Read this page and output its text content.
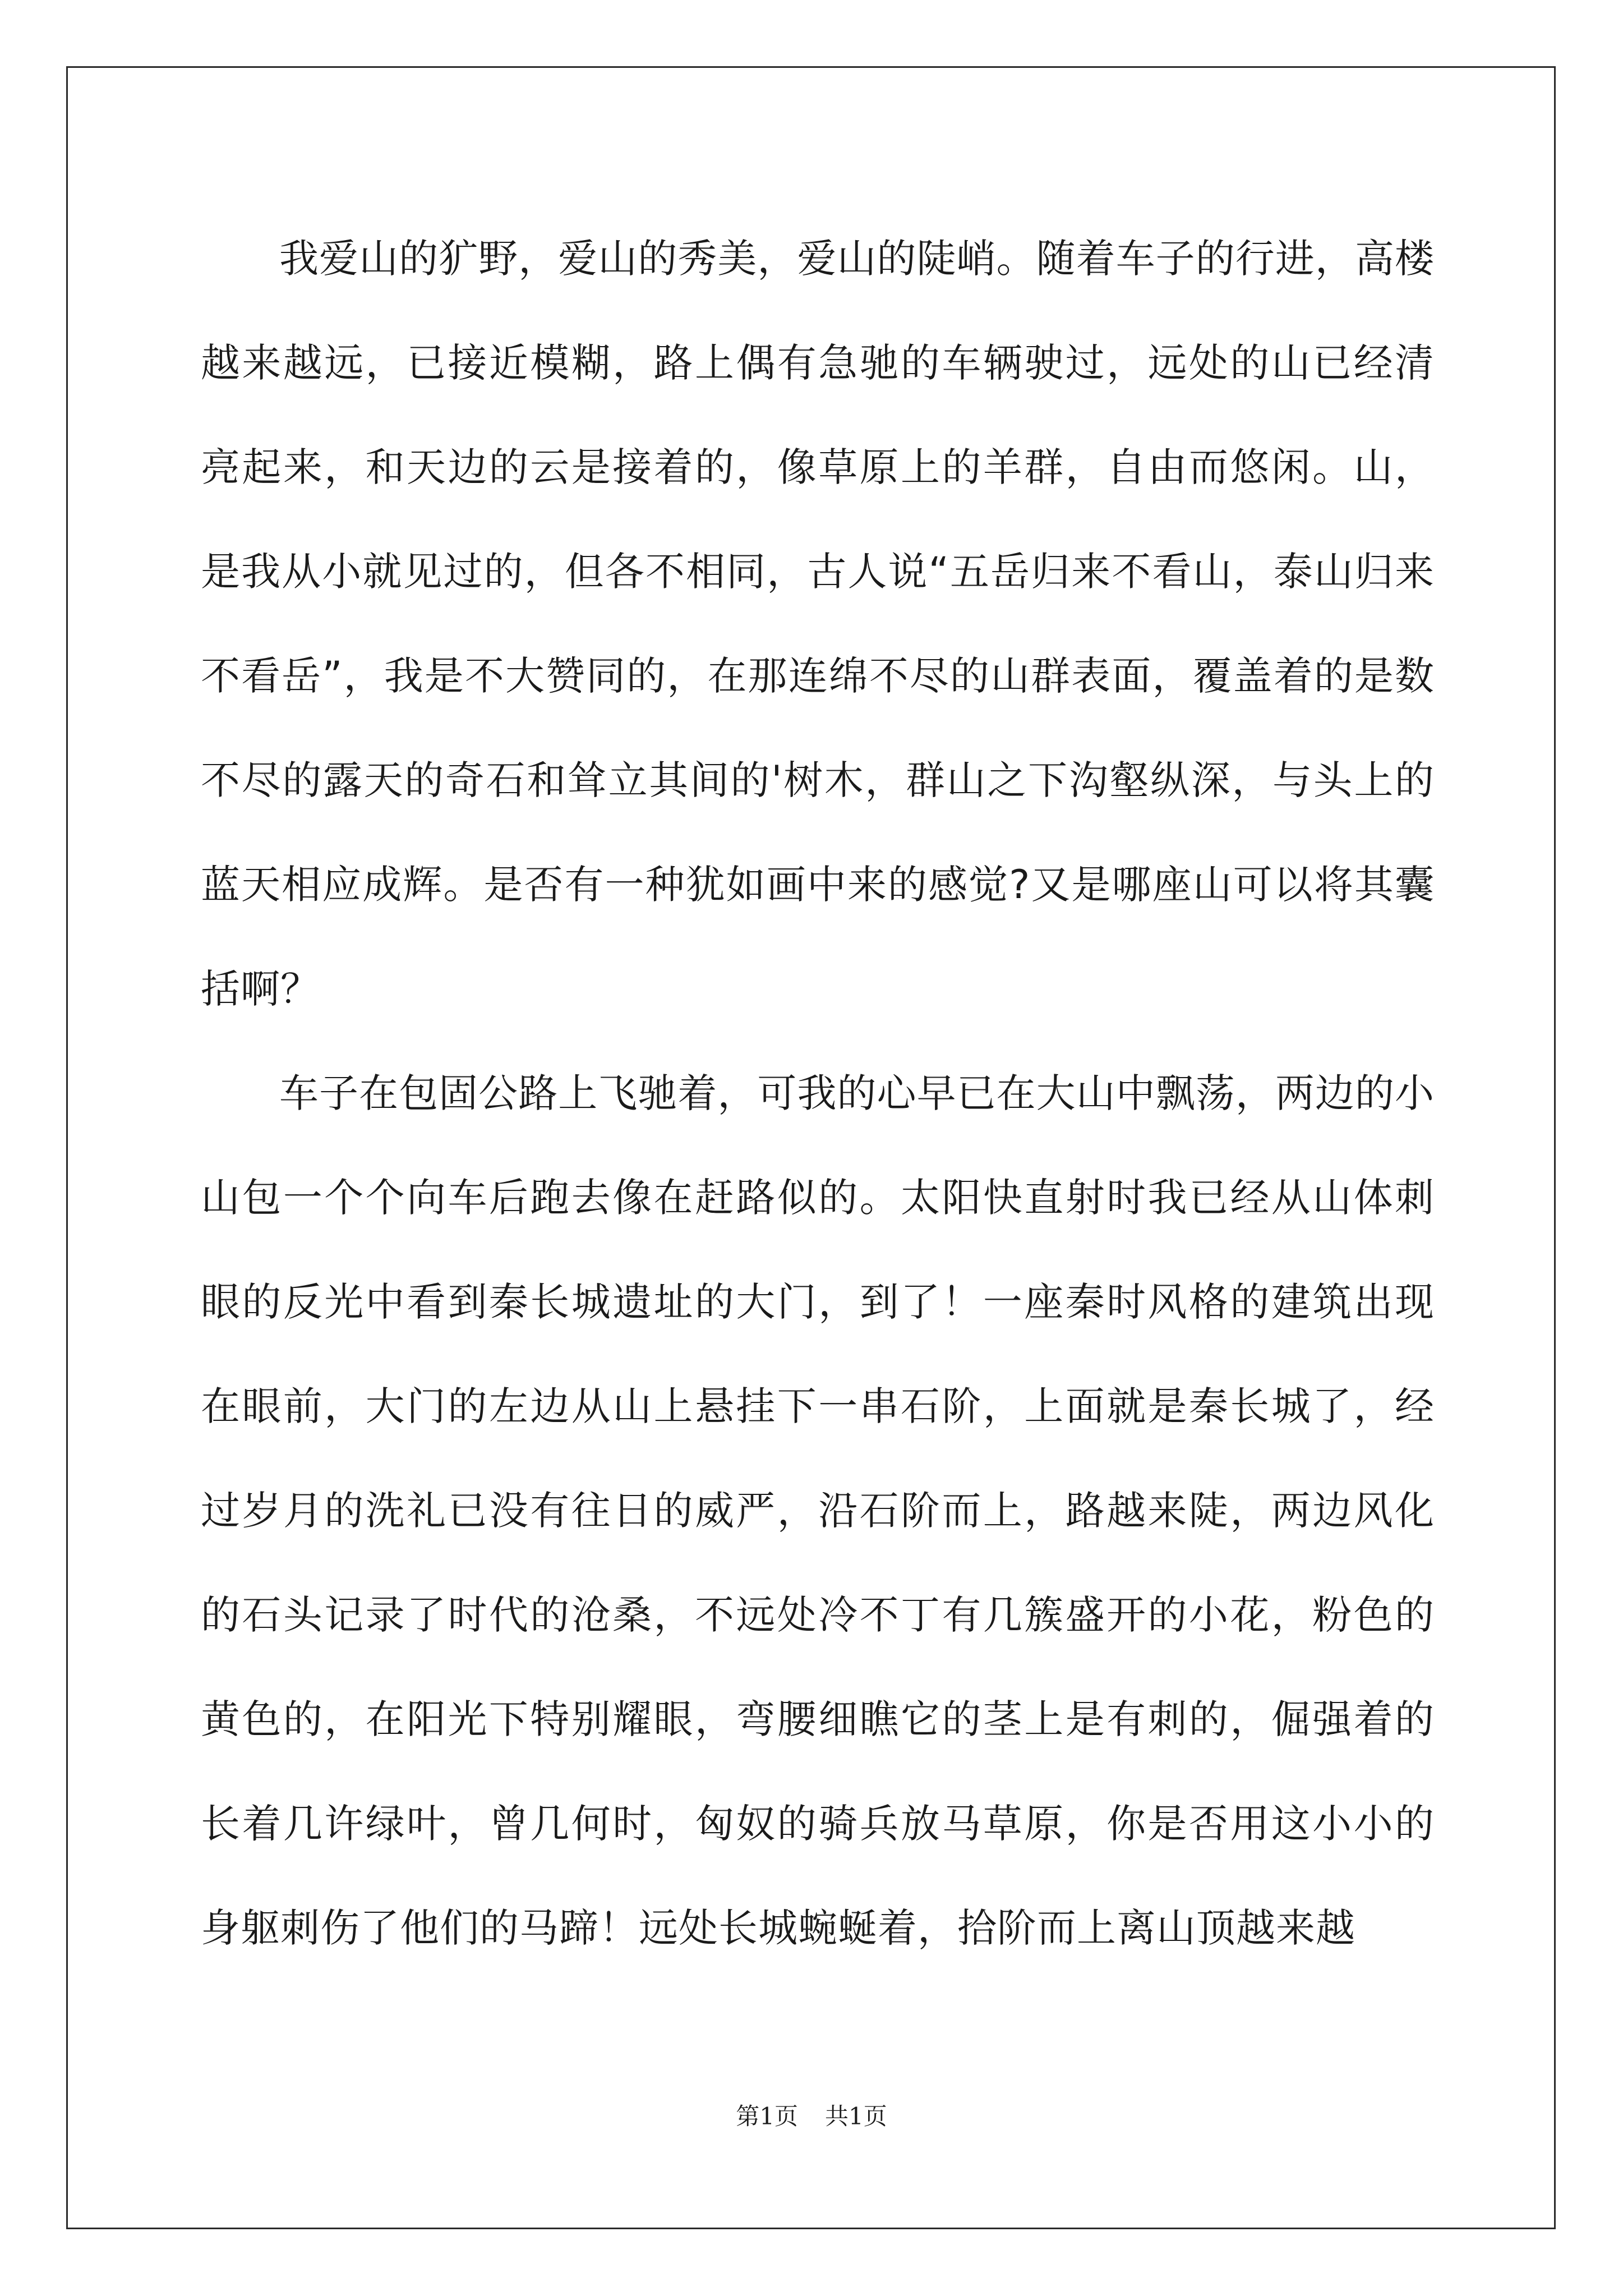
我爱山的犷野，爱山的秀美，爱山的陡峭。随着车子的行进，高楼越来越远，已接近模糊，路上偶有急驰的车辆驶过，远处的山已经清亮起来，和天边的云是接着的，像草原上的羊群，自由而悠闲。山，是我从小就见过的，但各不相同，古人说“五岳归来不看山，泰山归来不看岳”，我是不大赞同的，在那连绵不尽的山群表面，覆盖着的是数不尽的露天的奇石和耸立其间的'树木，群山之下沟壑纵深，与头上的蓝天相应成辉。是否有一种犹如画中来的感觉?又是哪座山可以将其囊括啊？

车子在包固公路上飞驰着，可我的心早已在大山中飘荡，两边的小山包一个个向车后跑去像在赶路似的。太阳快直射时我已经从山体刺眼的反光中看到秦长城遗址的大门，到了！一座秦时风格的建筑出现在眼前，大门的左边从山上悬挂下一串石阶，上面就是秦长城了，经过岁月的洗礼已没有往日的威严，沿石阶而上，路越来陡，两边风化的石头记录了时代的沧桑，不远处冷不丁有几簇盛开的小花，粉色的黄色的，在阳光下特别耀眼，弯腰细瞧它的茎上是有刺的，倔强着的长着几许绿叶，曾几何时，匈奴的骑兵放马草原，你是否用这小小的身躯刺伤了他们的马蹄！远处长城蜿蜒着，拾阶而上离山顶越来越

第1页 共1页
